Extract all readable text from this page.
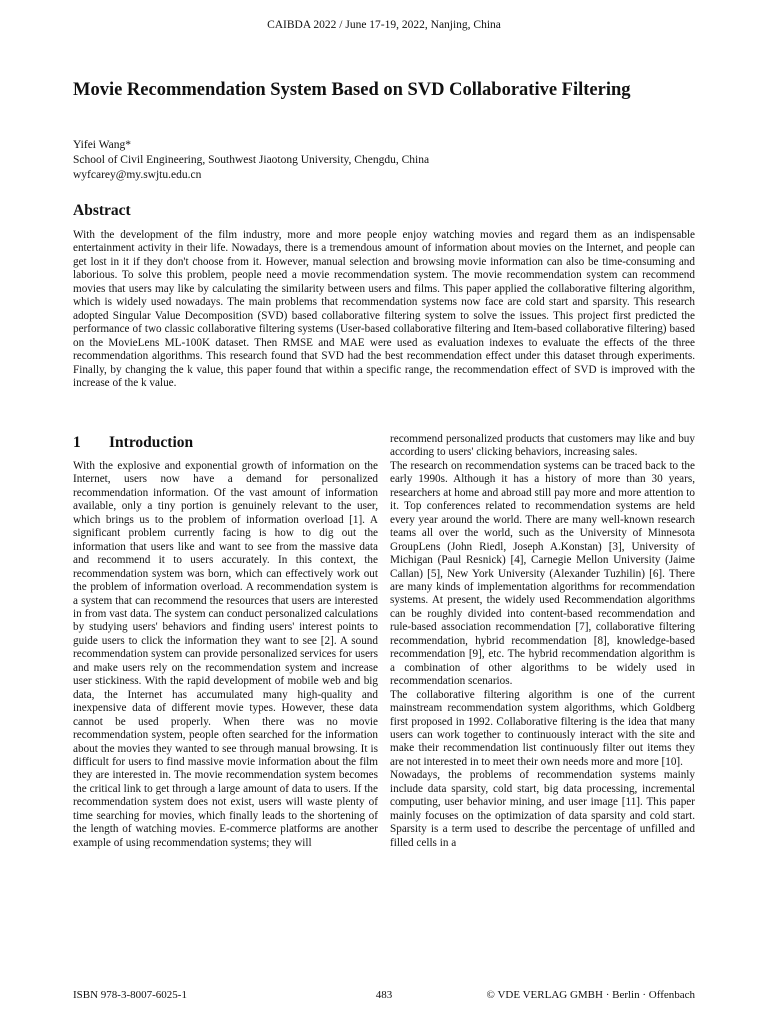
CAIBDA 2022 / June 17-19, 2022, Nanjing, China
Movie Recommendation System Based on SVD Collaborative Filtering
Yifei Wang*
School of Civil Engineering, Southwest Jiaotong University, Chengdu, China
wyfcarey@my.swjtu.edu.cn
Abstract

With the development of the film industry, more and more people enjoy watching movies and regard them as an indispensable entertainment activity in their life. Nowadays, there is a tremendous amount of information about movies on the Internet, and people can get lost in it if they don't choose from it. However, manual selection and browsing movie information can also be time-consuming and laborious. To solve this problem, people need a movie recommendation system. The movie recommendation system can recommend movies that users may like by calculating the similarity between users and films. This paper applied the collaborative filtering algorithm, which is widely used nowadays. The main problems that recommendation systems now face are cold start and sparsity. This research adopted Singular Value Decomposition (SVD) based collaborative filtering system to solve the issues. This project first predicted the performance of two classic collaborative filtering systems (User-based collaborative filtering and Item-based collaborative filtering) based on the MovieLens ML-100K dataset. Then RMSE and MAE were used as evaluation indexes to evaluate the effects of the three recommendation algorithms. This research found that SVD had the best recommendation effect under this dataset through experiments. Finally, by changing the k value, this paper found that within a specific range, the recommendation effect of SVD is improved with the increase of the k value.

1 Introduction

With the explosive and exponential growth of information on the Internet, users now have a demand for personalized recommendation information. Of the vast amount of information available, only a tiny portion is genuinely relevant to the user, which brings us to the problem of information overload [1]. A significant problem currently facing is how to dig out the information that users like and want to see from the massive data and recommend it to users accurately. In this context, the recommendation system was born, which can effectively work out the problem of information overload. A recommendation system is a system that can recommend the resources that users are interested in from vast data. The system can conduct personalized calculations by studying users' behaviors and finding users' interest points to guide users to click the information they want to see [2]. A sound recommendation system can provide personalized services for users and make users rely on the recommendation system and increase user stickiness. With the rapid development of mobile web and big data, the Internet has accumulated many high-quality and inexpensive data of different movie types. However, these data cannot be used properly. When there was no movie recommendation system, people often searched for the information about the movies they wanted to see through manual browsing. It is difficult for users to find massive movie information about the film they are interested in. The movie recommendation system becomes the critical link to get through a large amount of data to users. If the recommendation system does not exist, users will waste plenty of time searching for movies, which finally leads to the shortening of the length of watching movies. E-commerce platforms are another example of using recommendation systems; they will

recommend personalized products that customers may like and buy according to users' clicking behaviors, increasing sales.

The research on recommendation systems can be traced back to the early 1990s. Although it has a history of more than 30 years, researchers at home and abroad still pay more and more attention to it. Top conferences related to recommendation systems are held every year around the world. There are many well-known research teams all over the world, such as the University of Minnesota GroupLens (John Riedl, Joseph A.Konstan) [3], University of Michigan (Paul Resnick) [4], Carnegie Mellon University (Jaime Callan) [5], New York University (Alexander Tuzhilin) [6]. There are many kinds of implementation algorithms for recommendation systems. At present, the widely used Recommendation algorithms can be roughly divided into content-based recommendation and rule-based association recommendation [7], collaborative filtering recommendation, hybrid recommendation [8], knowledge-based recommendation [9], etc. The hybrid recommendation algorithm is a combination of other algorithms to be widely used in recommendation scenarios.

The collaborative filtering algorithm is one of the current mainstream recommendation system algorithms, which Goldberg first proposed in 1992. Collaborative filtering is the idea that many users can work together to continuously interact with the site and make their recommendation list continuously filter out items they are not interested in to meet their own needs more and more [10].

Nowadays, the problems of recommendation systems mainly include data sparsity, cold start, big data processing, incremental computing, user behavior mining, and user image [11]. This paper mainly focuses on the optimization of data sparsity and cold start. Sparsity is a term used to describe the percentage of unfilled and filled cells in a

ISBN 978-3-8007-6025-1	483	© VDE VERLAG GMBH · Berlin · Offenbach
